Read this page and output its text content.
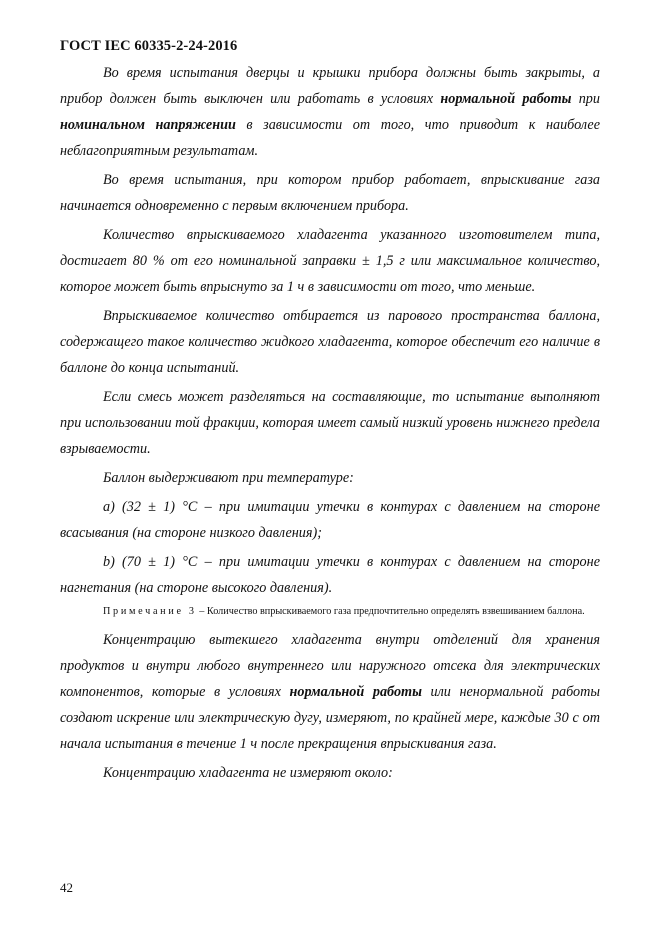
ГОСТ IEC 60335-2-24-2016

Во время испытания дверцы и крышки прибора должны быть закрыты, а прибор должен быть выключен или работать в условиях нормальной работы при номинальном напряжении в зависимости от того, что приводит к наиболее неблагоприятным результатам.

Во время испытания, при котором прибор работает, впрыскивание газа начинается одновременно с первым включением прибора.

Количество впрыскиваемого хладагента указанного изготовителем типа, достигает 80 % от его номинальной заправки ± 1,5 г или максимальное количество, которое может быть впрыснуто за 1 ч в зависимости от того, что меньше.

Впрыскиваемое количество отбирается из парового пространства баллона, содержащего такое количество жидкого хладагента, которое обеспечит его наличие в баллоне до конца испытаний.

Если смесь может разделяться на составляющие, то испытание выполняют при использовании той фракции, которая имеет самый низкий уровень нижнего предела взрываемости.

Баллон выдерживают при температуре:

a) (32 ± 1) °С – при имитации утечки в контурах с давлением на стороне всасывания (на стороне низкого давления);

b) (70 ± 1) °С – при имитации утечки в контурах с давлением на стороне нагнетания (на стороне высокого давления).

Примечание 3 – Количество впрыскиваемого газа предпочтительно определять взвешиванием баллона.

Концентрацию вытекшего хладагента внутри отделений для хранения продуктов и внутри любого внутреннего или наружного отсека для электрических компонентов, которые в условиях нормальной работы или ненормальной работы создают искрение или электрическую дугу, измеряют, по крайней мере, каждые 30 с от начала испытания в течение 1 ч после прекращения впрыскивания газа.

Концентрацию хладагента не измеряют около:

42
